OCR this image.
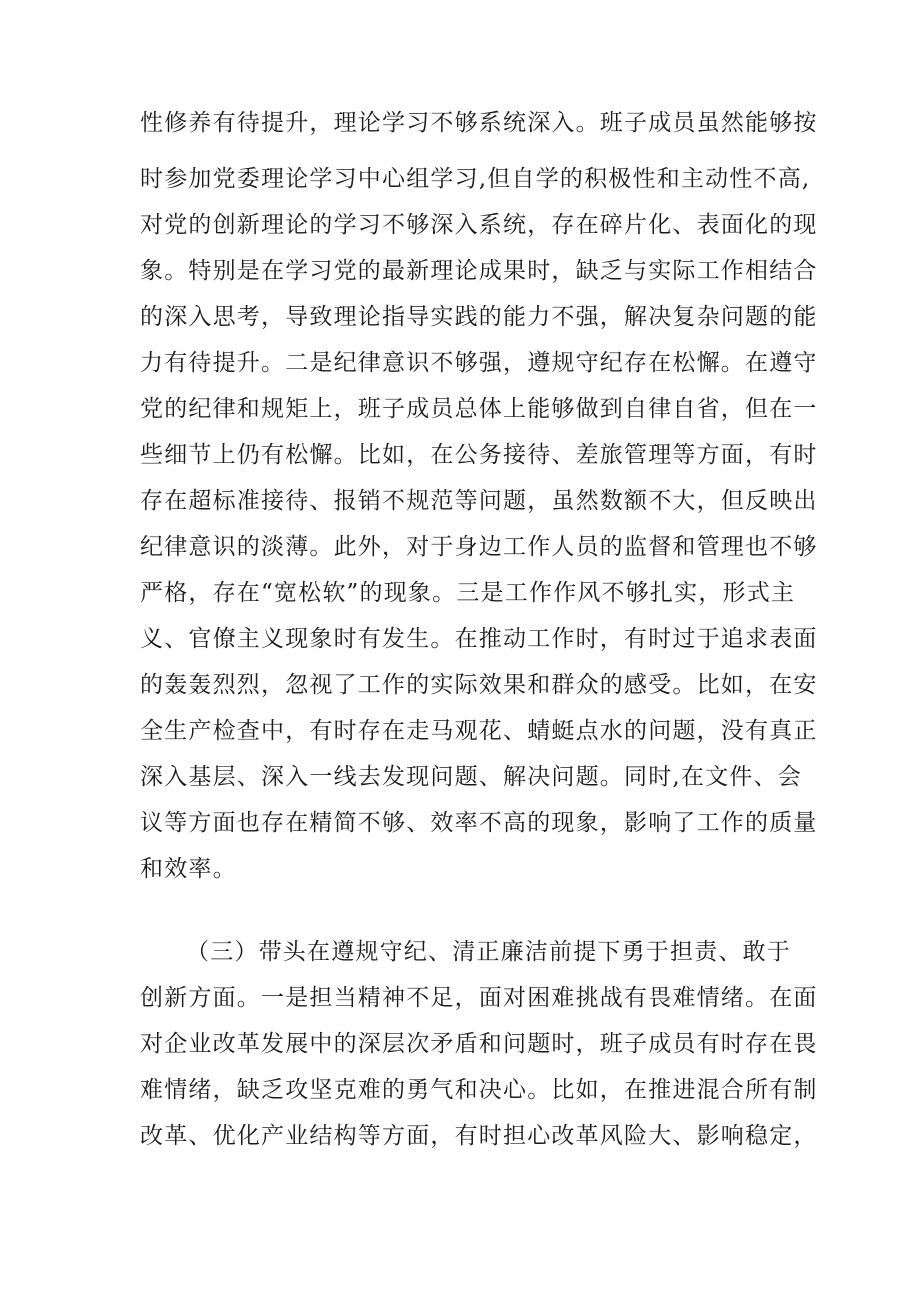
性修养有待提升，理论学习不够系统深入。班子成员虽然能够按
时参加党委理论学习中心组学习,但自学的积极性和主动性不高,
对党的创新理论的学习不够深入系统，存在碎片化、表面化的现
象。特别是在学习党的最新理论成果时，缺乏与实际工作相结合
的深入思考，导致理论指导实践的能力不强，解决复杂问题的能
力有待提升。二是纪律意识不够强，遵规守纪存在松懈。在遵守
党的纪律和规矩上，班子成员总体上能够做到自律自省，但在一
些细节上仍有松懈。比如，在公务接待、差旅管理等方面，有时
存在超标准接待、报销不规范等问题，虽然数额不大，但反映出
纪律意识的淡薄。此外，对于身边工作人员的监督和管理也不够
严格，存在“宽松软”的现象。三是工作作风不够扎实，形式主
义、官僚主义现象时有发生。在推动工作时，有时过于追求表面
的轰轰烈烈，忽视了工作的实际效果和群众的感受。比如，在安
全生产检查中，有时存在走马观花、蜻蜓点水的问题，没有真正
深入基层、深入一线去发现问题、解决问题。同时,在文件、会
议等方面也存在精简不够、效率不高的现象，影响了工作的质量
和效率。
（三）带头在遵规守纪、清正廉洁前提下勇于担责、敢于
创新方面。一是担当精神不足，面对困难挑战有畏难情绪。在面
对企业改革发展中的深层次矛盾和问题时，班子成员有时存在畏
难情绪，缺乏攻坚克难的勇气和决心。比如，在推进混合所有制
改革、优化产业结构等方面，有时担心改革风险大、影响稳定，
